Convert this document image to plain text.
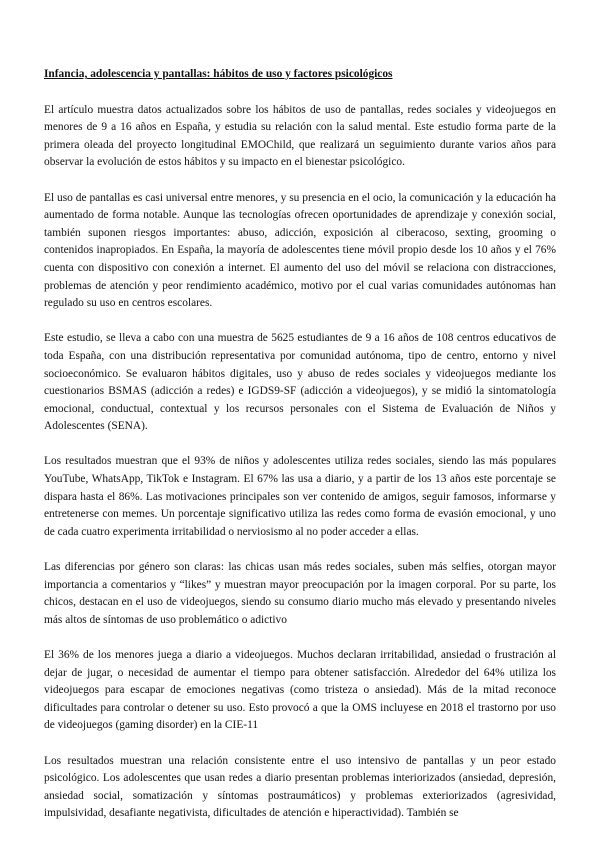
Infancia, adolescencia y pantallas: hábitos de uso y factores psicológicos

El artículo muestra datos actualizados sobre los hábitos de uso de pantallas, redes sociales y videojuegos en menores de 9 a 16 años en España, y estudia su relación con la salud mental. Este estudio forma parte de la primera oleada del proyecto longitudinal EMOChild, que realizará un seguimiento durante varios años para observar la evolución de estos hábitos y su impacto en el bienestar psicológico.

El uso de pantallas es casi universal entre menores, y su presencia en el ocio, la comunicación y la educación ha aumentado de forma notable. Aunque las tecnologías ofrecen oportunidades de aprendizaje y conexión social, también suponen riesgos importantes: abuso, adicción, exposición al ciberacoso, sexting, grooming o contenidos inapropiados. En España, la mayoría de adolescentes tiene móvil propio desde los 10 años y el 76% cuenta con dispositivo con conexión a internet. El aumento del uso del móvil se relaciona con distracciones, problemas de atención y peor rendimiento académico, motivo por el cual varias comunidades autónomas han regulado su uso en centros escolares.

Este estudio, se lleva a cabo con una muestra de 5625 estudiantes de 9 a 16 años de 108 centros educativos de toda España, con una distribución representativa por comunidad autónoma, tipo de centro, entorno y nivel socioeconómico. Se evaluaron hábitos digitales, uso y abuso de redes sociales y videojuegos mediante los cuestionarios BSMAS (adicción a redes) e IGDS9-SF (adicción a videojuegos), y se midió la sintomatología emocional, conductual, contextual y los recursos personales con el Sistema de Evaluación de Niños y Adolescentes (SENA).

Los resultados muestran que el 93% de niños y adolescentes utiliza redes sociales, siendo las más populares YouTube, WhatsApp, TikTok e Instagram. El 67% las usa a diario, y a partir de los 13 años este porcentaje se dispara hasta el 86%. Las motivaciones principales son ver contenido de amigos, seguir famosos, informarse y entretenerse con memes. Un porcentaje significativo utiliza las redes como forma de evasión emocional, y uno de cada cuatro experimenta irritabilidad o nerviosismo al no poder acceder a ellas.

Las diferencias por género son claras: las chicas usan más redes sociales, suben más selfies, otorgan mayor importancia a comentarios y “likes” y muestran mayor preocupación por la imagen corporal. Por su parte, los chicos, destacan en el uso de videojuegos, siendo su consumo diario mucho más elevado y presentando niveles más altos de síntomas de uso problemático o adictivo

El 36% de los menores juega a diario a videojuegos. Muchos declaran irritabilidad, ansiedad o frustración al dejar de jugar, o necesidad de aumentar el tiempo para obtener satisfacción. Alrededor del 64% utiliza los videojuegos para escapar de emociones negativas (como tristeza o ansiedad). Más de la mitad reconoce dificultades para controlar o detener su uso. Esto provocó a que la OMS incluyese en 2018 el trastorno por uso de videojuegos (gaming disorder) en la CIE-11

Los resultados muestran una relación consistente entre el uso intensivo de pantallas y un peor estado psicológico. Los adolescentes que usan redes a diario presentan problemas interiorizados (ansiedad, depresión, ansiedad social, somatización y síntomas postraumáticos) y problemas exteriorizados (agresividad, impulsividad, desafiante negativista, dificultades de atención e hiperactividad). También se
